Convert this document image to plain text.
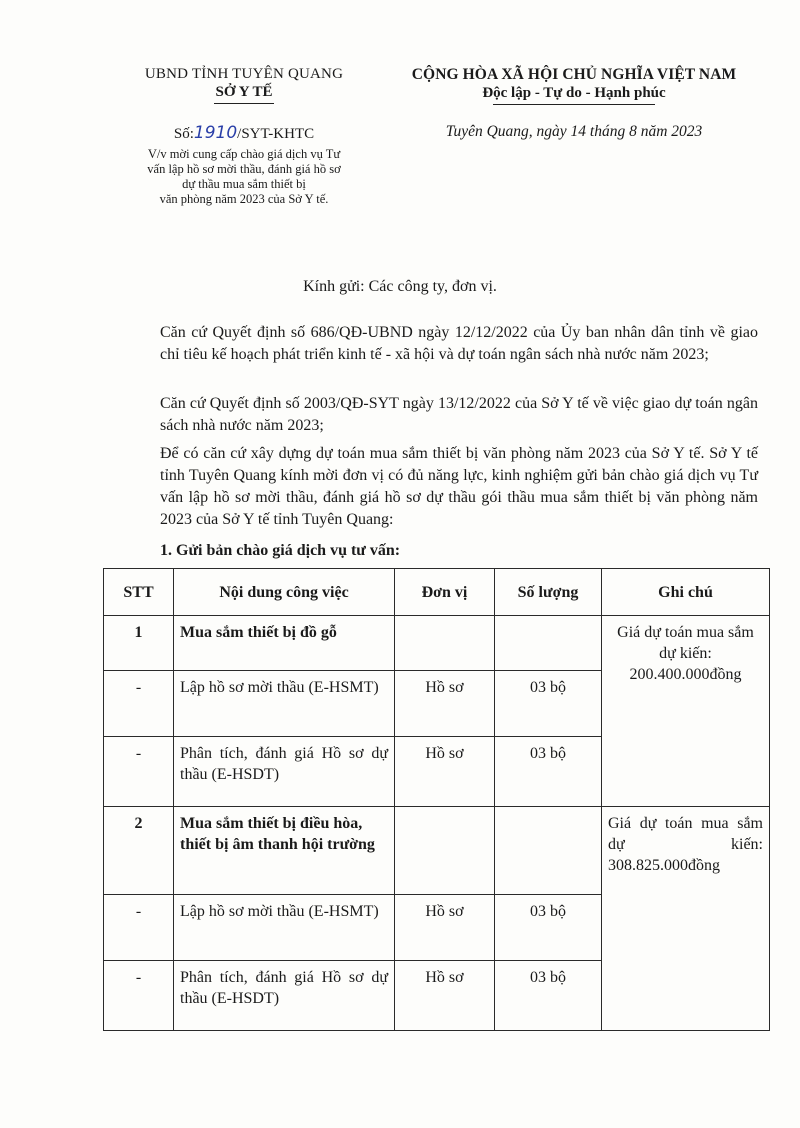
UBND TỈNH TUYÊN QUANG
SỞ Y TẾ
Số:1910/SYT-KHTC
V/v mời cung cấp chào giá dịch vụ Tư
vấn lập hồ sơ mời thầu, đánh giá hồ sơ
dự thầu mua sắm thiết bị
văn phòng năm 2023 của Sở Y tế.
CỘNG HÒA XÃ HỘI CHỦ NGHĨA VIỆT NAM
Độc lập - Tự do - Hạnh phúc
Tuyên Quang, ngày 14 tháng 8 năm 2023
Kính gửi: Các công ty, đơn vị.
Căn cứ Quyết định số 686/QĐ-UBND ngày 12/12/2022 của Ủy ban nhân dân tỉnh về giao chỉ tiêu kế hoạch phát triển kinh tế - xã hội và dự toán ngân sách nhà nước năm 2023;
Căn cứ Quyết định số 2003/QĐ-SYT ngày 13/12/2022 của Sở Y tế về việc giao dự toán ngân sách nhà nước năm 2023;
Để có căn cứ xây dựng dự toán mua sắm thiết bị văn phòng năm 2023 của Sở Y tế. Sở Y tế tỉnh Tuyên Quang kính mời đơn vị có đủ năng lực, kinh nghiệm gửi bản chào giá dịch vụ Tư vấn lập hồ sơ mời thầu, đánh giá hồ sơ dự thầu gói thầu mua sắm thiết bị văn phòng năm 2023 của Sở Y tế tỉnh Tuyên Quang:
1. Gửi bản chào giá dịch vụ tư vấn:
STT	Nội dung công việc	Đơn vị	Số lượng	Ghi chú
1	Mua sắm thiết bị đồ gỗ			Giá dự toán mua sắm dự kiến: 200.400.000đồng
-	Lập hồ sơ mời thầu (E-HSMT)	Hồ sơ	03 bộ	
-	Phân tích, đánh giá Hồ sơ dự thầu (E-HSDT)	Hồ sơ	03 bộ	
2	Mua sắm thiết bị điều hòa, thiết bị âm thanh hội trường			Giá dự toán mua sắm dự kiến: 308.825.000đồng
-	Lập hồ sơ mời thầu (E-HSMT)	Hồ sơ	03 bộ	
-	Phân tích, đánh giá Hồ sơ dự thầu (E-HSDT)	Hồ sơ	03 bộ	
